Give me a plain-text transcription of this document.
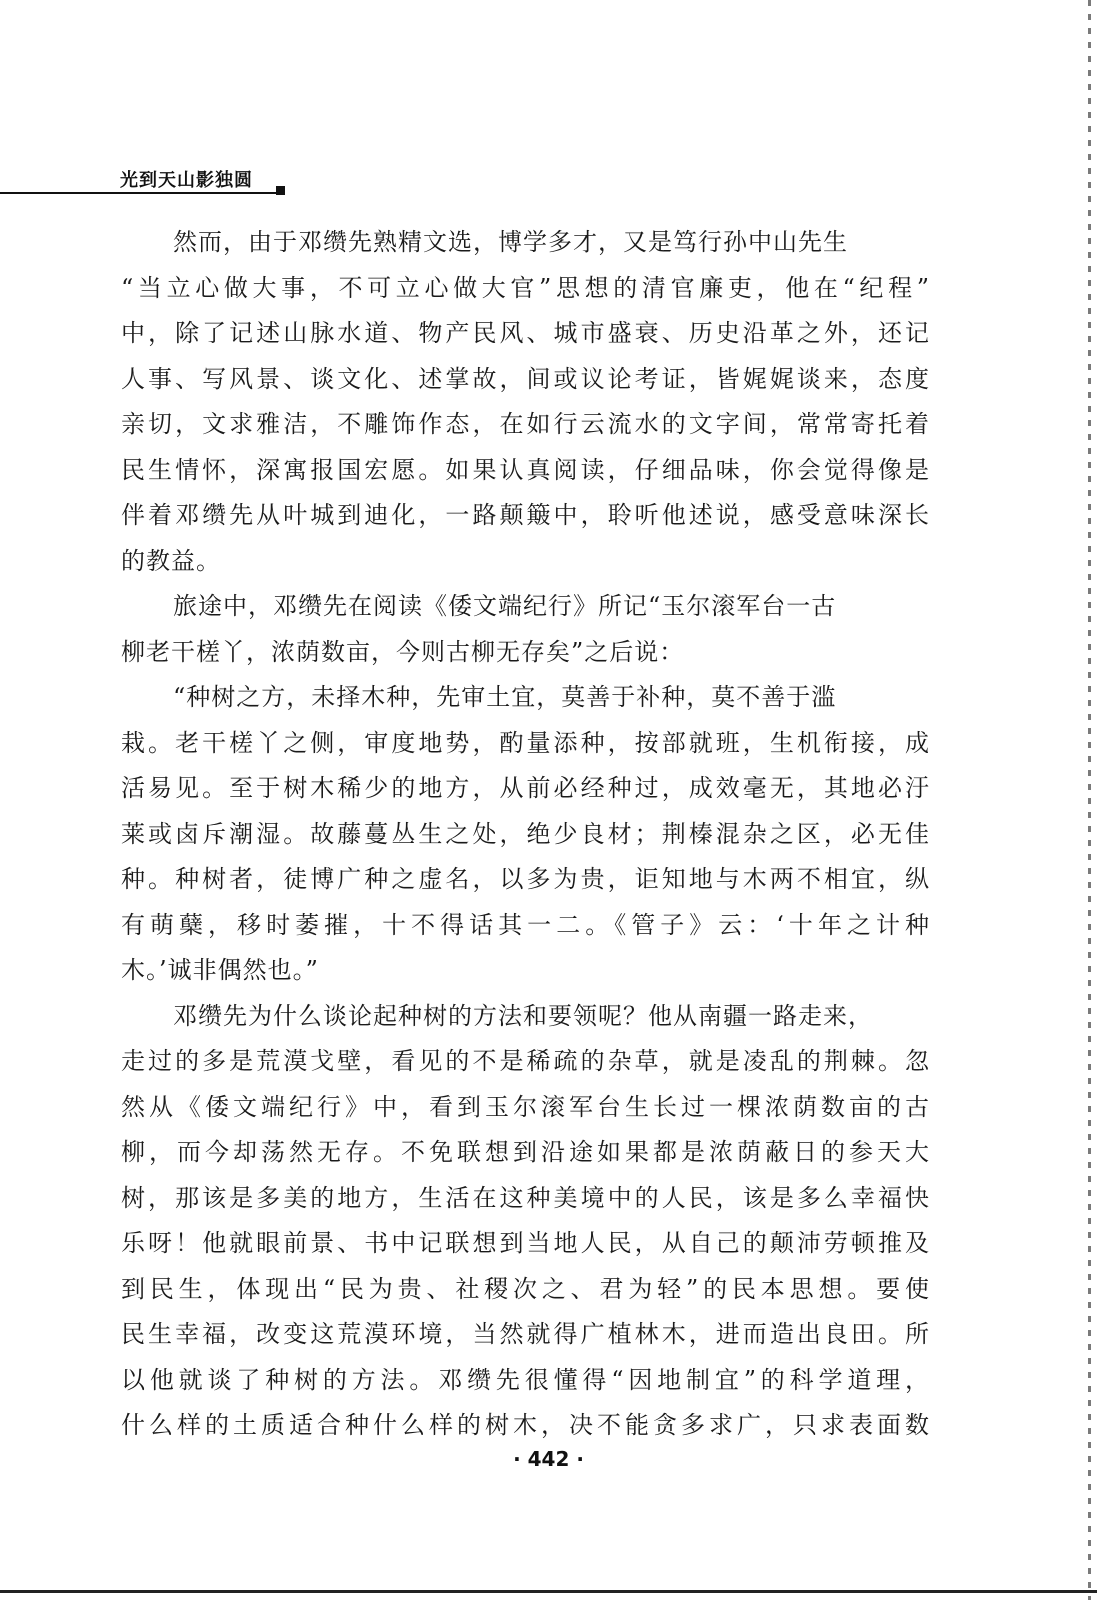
光到天山影独圆
然而，由于邓缵先熟精文选，博学多才，又是笃行孙中山先生
“当立心做大事，不可立心做大官”思想的清官廉吏，他在“纪程”
中，除了记述山脉水道、物产民风、城市盛衰、历史沿革之外，还记
人事、写风景、谈文化、述掌故，间或议论考证，皆娓娓谈来，态度
亲切，文求雅洁，不雕饰作态，在如行云流水的文字间，常常寄托着
民生情怀，深寓报国宏愿。如果认真阅读，仔细品味，你会觉得像是
伴着邓缵先从叶城到迪化，一路颠簸中，聆听他述说，感受意味深长
的教益。
旅途中，邓缵先在阅读《倭文端纪行》所记“玉尔滚军台一古
柳老干槎丫，浓荫数亩，今则古柳无存矣”之后说：
“种树之方，未择木种，先审土宜，莫善于补种，莫不善于滥
栽。老干槎丫之侧，审度地势，酌量添种，按部就班，生机衔接，成
活易见。至于树木稀少的地方，从前必经种过，成效毫无，其地必汙
莱或卤斥潮湿。故藤蔓丛生之处，绝少良材；荆榛混杂之区，必无佳
种。种树者，徒博广种之虚名，以多为贵，讵知地与木两不相宜，纵
有萌蘖，移时萎摧，十不得话其一二。《管子》云：‘十年之计种
木。’诚非偶然也。”
邓缵先为什么谈论起种树的方法和要领呢？他从南疆一路走来，
走过的多是荒漠戈壁，看见的不是稀疏的杂草，就是凌乱的荆棘。忽
然从《倭文端纪行》中，看到玉尔滚军台生长过一棵浓荫数亩的古
柳，而今却荡然无存。不免联想到沿途如果都是浓荫蔽日的参天大
树，那该是多美的地方，生活在这种美境中的人民，该是多么幸福快
乐呀！他就眼前景、书中记联想到当地人民，从自己的颠沛劳顿推及
到民生，体现出“民为贵、社稷次之、君为轻”的民本思想。要使
民生幸福，改变这荒漠环境，当然就得广植林木，进而造出良田。所
以他就谈了种树的方法。邓缵先很懂得“因地制宜”的科学道理，
什么样的土质适合种什么样的树木，决不能贪多求广，只求表面数
· 442 ·
